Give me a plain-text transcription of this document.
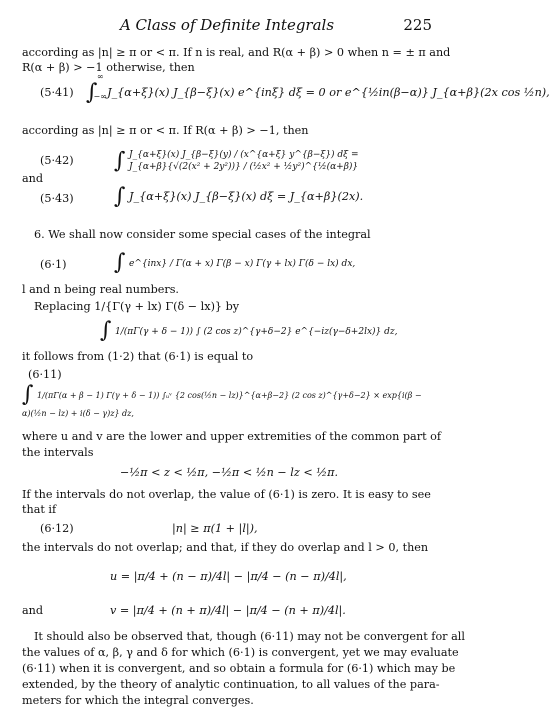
A Class of Definite Integrals	225
according as |n| ≥ π or < π. If n is real, and R(α + β) > 0 when n = ± π and
R(α + β) > −1 otherwise, then
(5·41) $\int_{-\infty}^\infty$ J_{α+ξ}(x) J_{β−ξ}(x) e^{inξ} dξ = 0 or e^{½in(β−α)} J_{α+β}(2x cos ½n),
according as |n| ≥ π or < π. If R(α + β) > −1, then
(5·42) ∫ J_{α+ξ}(x) J_{β−ξ}(y) / (x^{α+ξ} y^{β−ξ}) dξ = J_{α+β}{√(2(x² + 2y²))} / (½x² + ½y²)^{½(α+β)}
and
(5·43) ∫ J_{α+ξ}(x) J_{β−ξ}(x) dξ = J_{α+β}(2x).
6. We shall now consider some special cases of the integral
(6·1) ∫ e^{inx} / Γ(α + x) Γ(β − x) Γ(γ + lx) Γ(δ − lx) dx,
l and n being real numbers.
Replacing 1/{Γ(γ + lx) Γ(δ − lx)} by
∫ 1/(πΓ(γ + δ − 1)) ∫ (2 cos z)^{γ+δ−2} e^{−iz(γ−δ+2lx)} dz,
it follows from (1·2) that (6·1) is equal to
(6·11)
∫ 1/(πΓ(α + β − 1) Γ(γ + δ − 1)) ∫ᵤᵛ {2 cos(½n − lz)}^{α+β−2} (2 cos z)^{γ+δ−2} × exp{i(β − α)(½n − lz) + i(δ − γ)z} dz,
where u and v are the lower and upper extremities of the common part of
the intervals
−½π < z < ½π, −½π < ½n − lz < ½π.
If the intervals do not overlap, the value of (6·1) is zero. It is easy to see
that if
(6·12)	|n| ≥ π(1 + |l|),
the intervals do not overlap; and that, if they do overlap and l > 0, then
u = |π/4 + (n − π)/4l| − |π/4 − (n − π)/4l|,
and	v = |π/4 + (n + π)/4l| − |π/4 − (n + π)/4l|.
It should also be observed that, though (6·11) may not be convergent for all
the values of α, β, γ and δ for which (6·1) is convergent, yet we may evaluate
(6·11) when it is convergent, and so obtain a formula for (6·1) which may be
extended, by the theory of analytic continuation, to all values of the para-
meters for which the integral converges.
